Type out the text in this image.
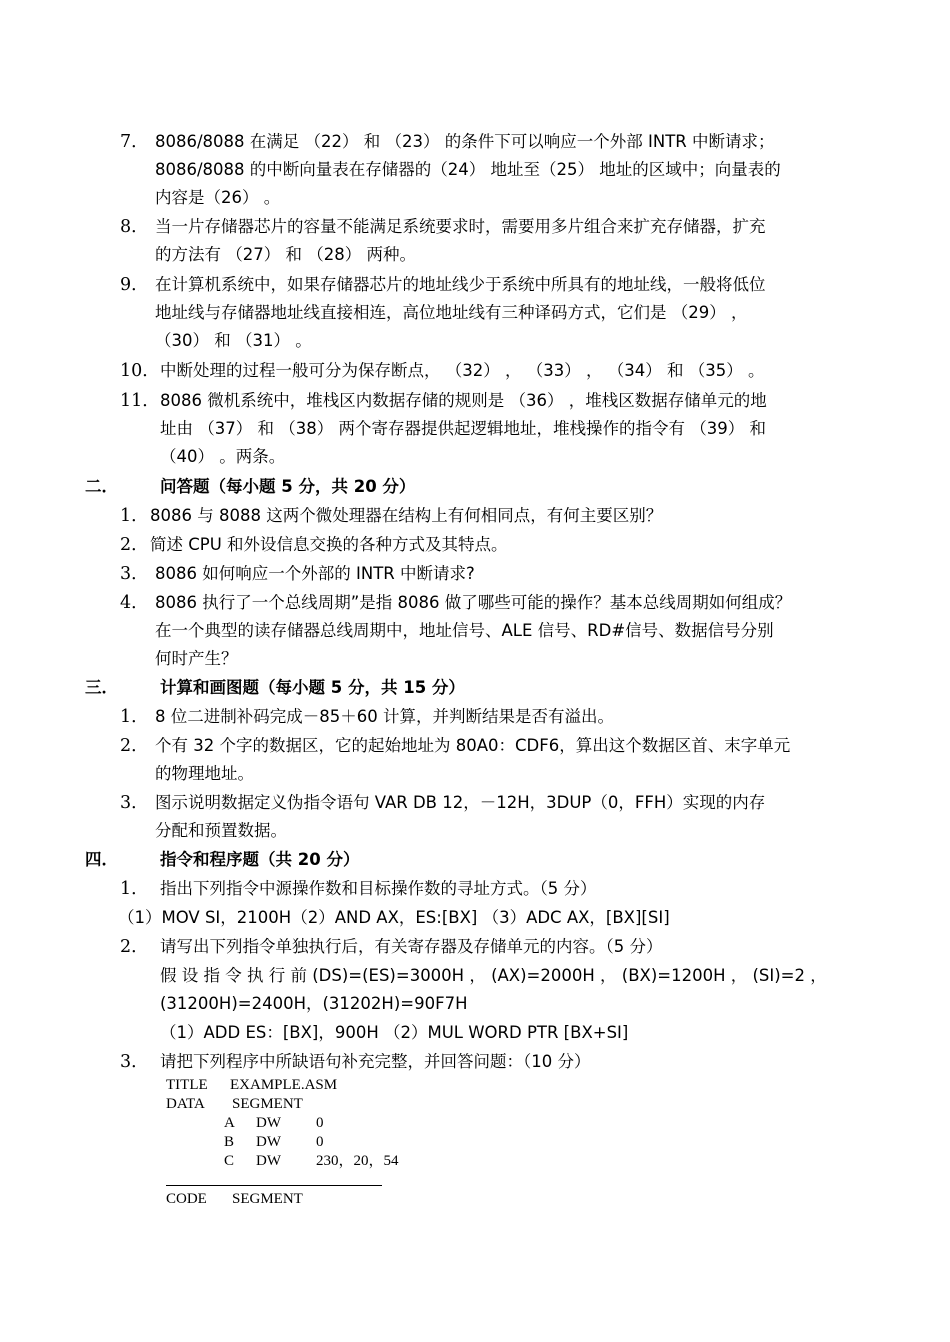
7． 8086/8088 在满足 （22） 和 （23） 的条件下可以响应一个外部 INTR 中断请求；
8086/8088 的中断向量表在存储器的（24） 地址至（25） 地址的区域中；向量表的
内容是（26） 。
8． 当一片存储器芯片的容量不能满足系统要求时，需要用多片组合来扩充存储器，扩充
的方法有 （27） 和 （28） 两种。
9． 在计算机系统中，如果存储器芯片的地址线少于系统中所具有的地址线，一般将低位
地址线与存储器地址线直接相连，高位地址线有三种译码方式，它们是 （29） ，
（30） 和 （31） 。
10． 中断处理的过程一般可分为保存断点， （32） ， （33） ， （34） 和 （35） 。
11． 8086 微机系统中，堆栈区内数据存储的规则是 （36） ，堆栈区数据存储单元的地
址由 （37） 和 （38） 两个寄存器提供起逻辑地址，堆栈操作的指令有 （39） 和
（40） 。两条。
二．	问答题（每小题 5 分，共 20 分）
1． 8086 与 8088 这两个微处理器在结构上有何相同点，有何主要区别？
2． 简述 CPU 和外设信息交换的各种方式及其特点。
3． 8086 如何响应一个外部的 INTR 中断请求?
4． 8086 执行了一个总线周期”是指 8086 做了哪些可能的操作？基本总线周期如何组成？
在一个典型的读存储器总线周期中，地址信号、ALE 信号、RD#信号、数据信号分别
何时产生？
三．	计算和画图题（每小题 5 分，共 15 分）
1． 8 位二进制补码完成－85＋60 计算，并判断结果是否有溢出。
2． 个有 32 个字的数据区，它的起始地址为 80A0：CDF6，算出这个数据区首、末字单元
的物理地址。
3． 图示说明数据定义伪指令语句 VAR DB 12，－12H，3DUP（0，FFH）实现的内存
分配和预置数据。
四．	指令和程序题（共 20 分）
1． 指出下列指令中源操作数和目标操作数的寻址方式。（5 分）
（1）MOV SI，2100H（2）AND AX，ES:[BX] （3）ADC AX，[BX][SI]
2． 请写出下列指令单独执行后，有关寄存器及存储单元的内容。（5 分）
假 设 指 令 执 行 前 (DS)=(ES)=3000H ， (AX)=2000H ， (BX)=1200H ， (SI)=2 ，
(31200H)=2400H，(31202H)=90F7H
（1）ADD ES：[BX]，900H （2）MUL WORD PTR [BX+SI]
3． 请把下列程序中所缺语句补充完整，并回答问题：（10 分）
TITLE EXAMPLE.ASM
DATA SEGMENT
A DW 0
B DW 0
C DW 230，20，54
CODE SEGMENT
